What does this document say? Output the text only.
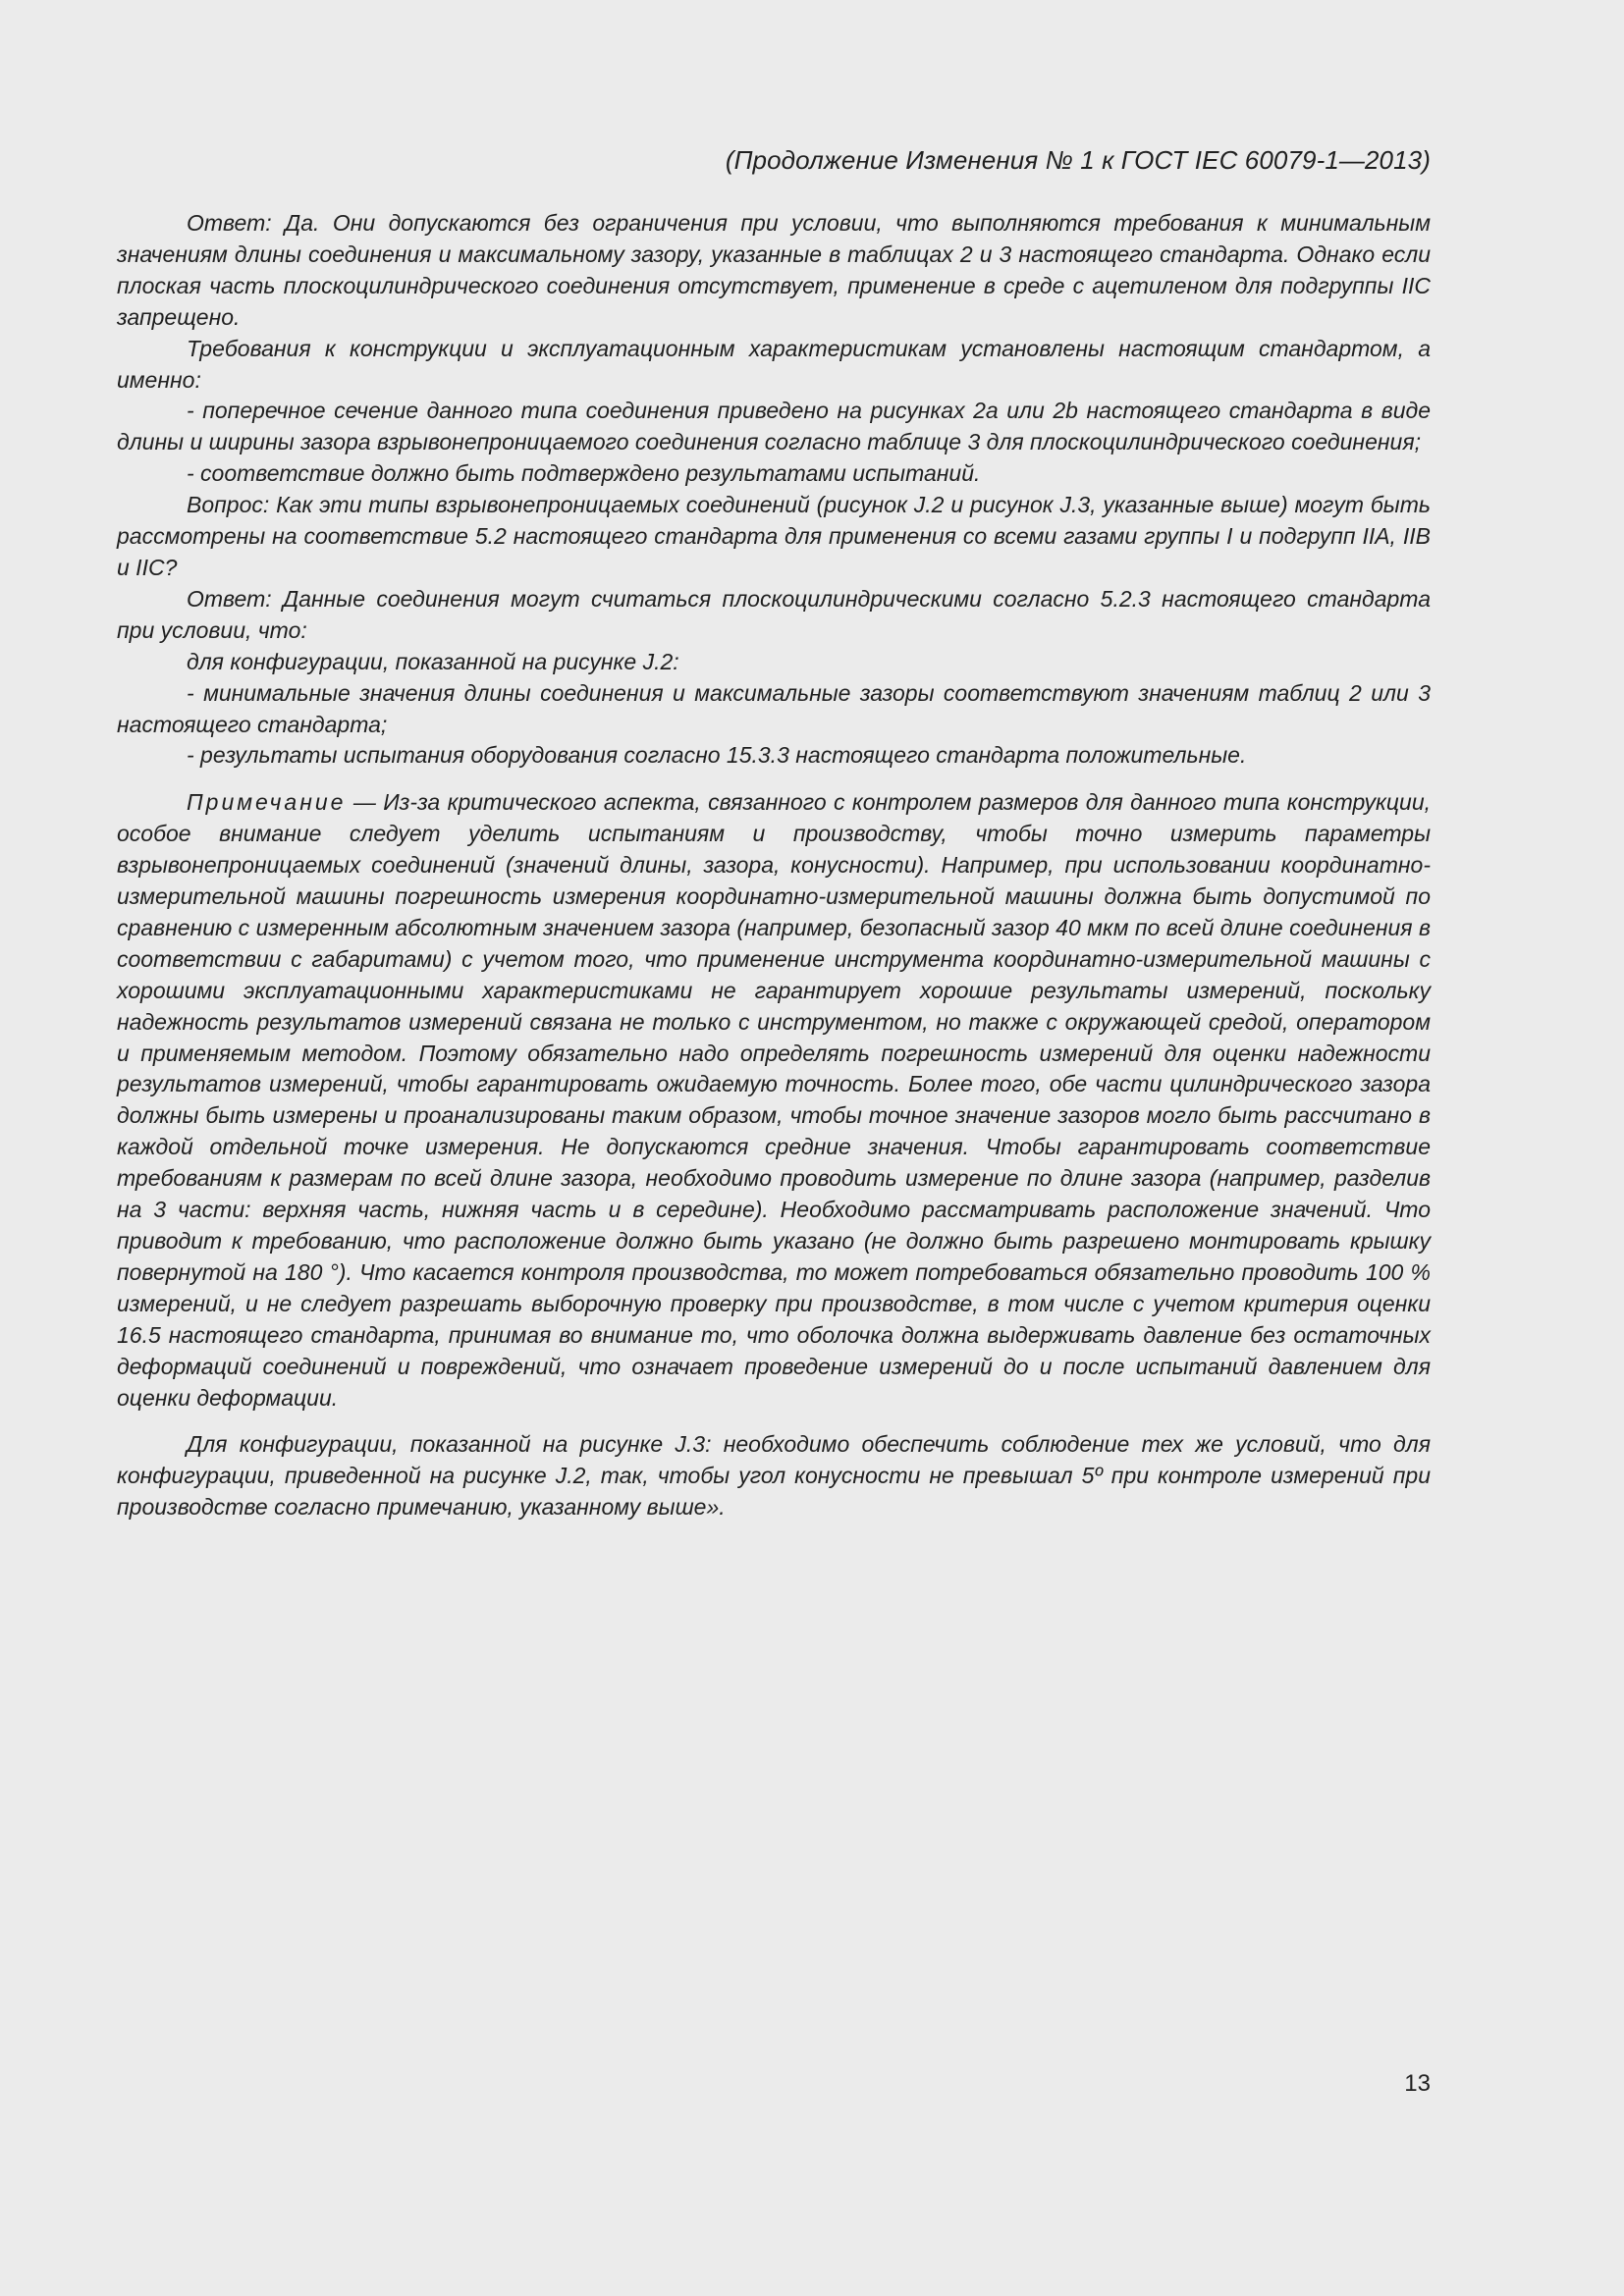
(Продолжение Изменения № 1 к ГОСТ IEC 60079-1—2013)

Ответ: Да. Они допускаются без ограничения при условии, что выполняются требования к минимальным значениям длины соединения и максимальному зазору, указанные в таблицах 2 и 3 настоящего стандарта. Однако если плоская часть плоскоцилиндрического соединения отсутствует, применение в среде с ацетиленом для подгруппы IIC запрещено.

Требования к конструкции и эксплуатационным характеристикам установлены настоящим стандартом, а именно:

- поперечное сечение данного типа соединения приведено на рисунках 2а или 2b настоящего стандарта в виде длины и ширины зазора взрывонепроницаемого соединения согласно таблице 3 для плоскоцилиндрического соединения;

- соответствие должно быть подтверждено результатами испытаний.

Вопрос: Как эти типы взрывонепроницаемых соединений (рисунок J.2 и рисунок J.3, указанные выше) могут быть рассмотрены на соответствие 5.2 настоящего стандарта для применения со всеми газами группы I и подгрупп IIA, IIB и IIC?

Ответ: Данные соединения могут считаться плоскоцилиндрическими согласно 5.2.3 настоящего стандарта при условии, что:

для конфигурации, показанной на рисунке J.2:

- минимальные значения длины соединения и максимальные зазоры соответствуют значениям таблиц 2 или 3 настоящего стандарта;

- результаты испытания оборудования согласно 15.3.3 настоящего стандарта положительные.

Примечание — Из-за критического аспекта, связанного с контролем размеров для данного типа конструкции, особое внимание следует уделить испытаниям и производству, чтобы точно измерить параметры взрывонепроницаемых соединений (значений длины, зазора, конусности). Например, при использовании координатно-измерительной машины погрешность измерения координатно-измерительной машины должна быть допустимой по сравнению с измеренным абсолютным значением зазора (например, безопасный зазор 40 мкм по всей длине соединения в соответствии с габаритами) с учетом того, что применение инструмента координатно-измерительной машины с хорошими эксплуатационными характеристиками не гарантирует хорошие результаты измерений, поскольку надежность результатов измерений связана не только с инструментом, но также с окружающей средой, оператором и применяемым методом. Поэтому обязательно надо определять погрешность измерений для оценки надежности результатов измерений, чтобы гарантировать ожидаемую точность. Более того, обе части цилиндрического зазора должны быть измерены и проанализированы таким образом, чтобы точное значение зазоров могло быть рассчитано в каждой отдельной точке измерения. Не допускаются средние значения. Чтобы гарантировать соответствие требованиям к размерам по всей длине зазора, необходимо проводить измерение по длине зазора (например, разделив на 3 части: верхняя часть, нижняя часть и в середине). Необходимо рассматривать расположение значений. Что приводит к требованию, что расположение должно быть указано (не должно быть разрешено монтировать крышку повернутой на 180 °). Что касается контроля производства, то может потребоваться обязательно проводить 100 % измерений, и не следует разрешать выборочную проверку при производстве, в том числе с учетом критерия оценки 16.5 настоящего стандарта, принимая во внимание то, что оболочка должна выдерживать давление без остаточных деформаций соединений и повреждений, что означает проведение измерений до и после испытаний давлением для оценки деформации.

Для конфигурации, показанной на рисунке J.3: необходимо обеспечить соблюдение тех же условий, что для конфигурации, приведенной на рисунке J.2, так, чтобы угол конусности не превышал 5º при контроле измерений при производстве согласно примечанию, указанному выше».

13
